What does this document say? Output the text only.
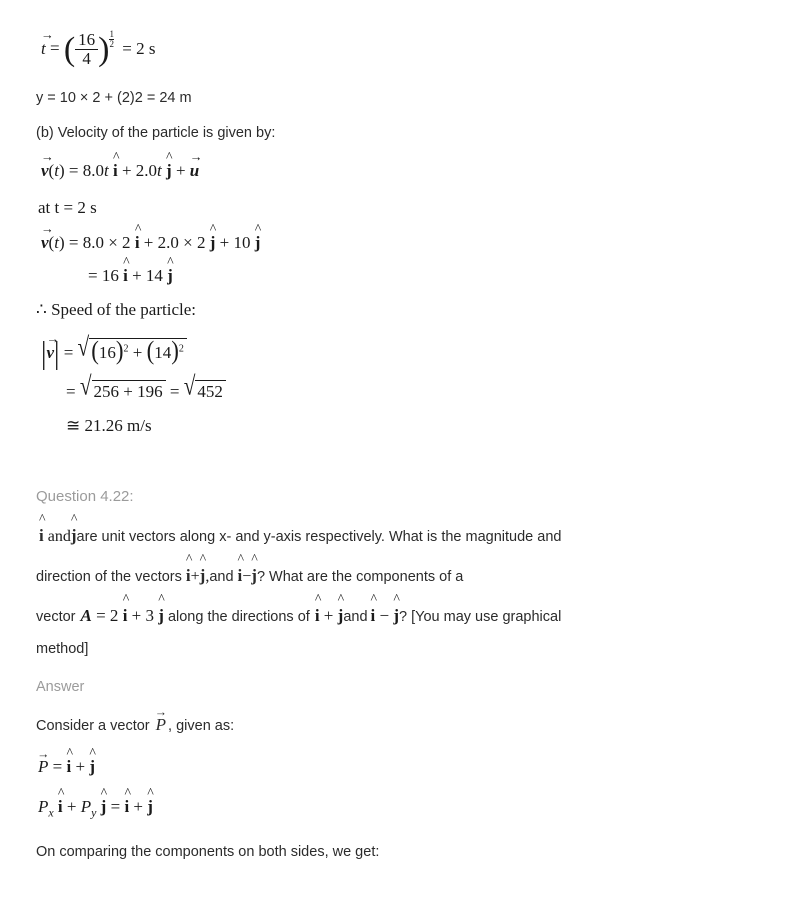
t → = ( $\frac{16}{4}$ ) $\frac{1}{2} = 2$ s
y = 10 × 2 + (2)2 = 24 m
(b) Velocity of the particle is given by:
v →(t) = 8.0t i ^ + 2.0t j ^ + u →
at t = 2 s
v →(t) = 8.0 × 2 i ^ + 2.0 × 2 j ^ + 10 j ^
= 16 i ^ + 14 j ^
∴ Speed of the particle:
|v →| = $√(16)^2 + (14)^2$
= √ 256 + 196 = √ 452
≅ 21.26 m/s
Question 4.22:
i ^ andj ^are unit vectors along x- and y-axis respectively. What is the magnitude and
direction of the vectors i ^+j ^,and i ^−j ^? What are the components of a
vector A = 2 i ^ + 3 j ^ along the directions of i ^ + j ^and i ^ − j ^? [You may use graphical
method]
Answer
Consider a vector P → , given as:
P → = i ^ + j ^
$P_x$ i ^ + $P_y$ j ^ = i ^ + j ^
On comparing the components on both sides, we get:
